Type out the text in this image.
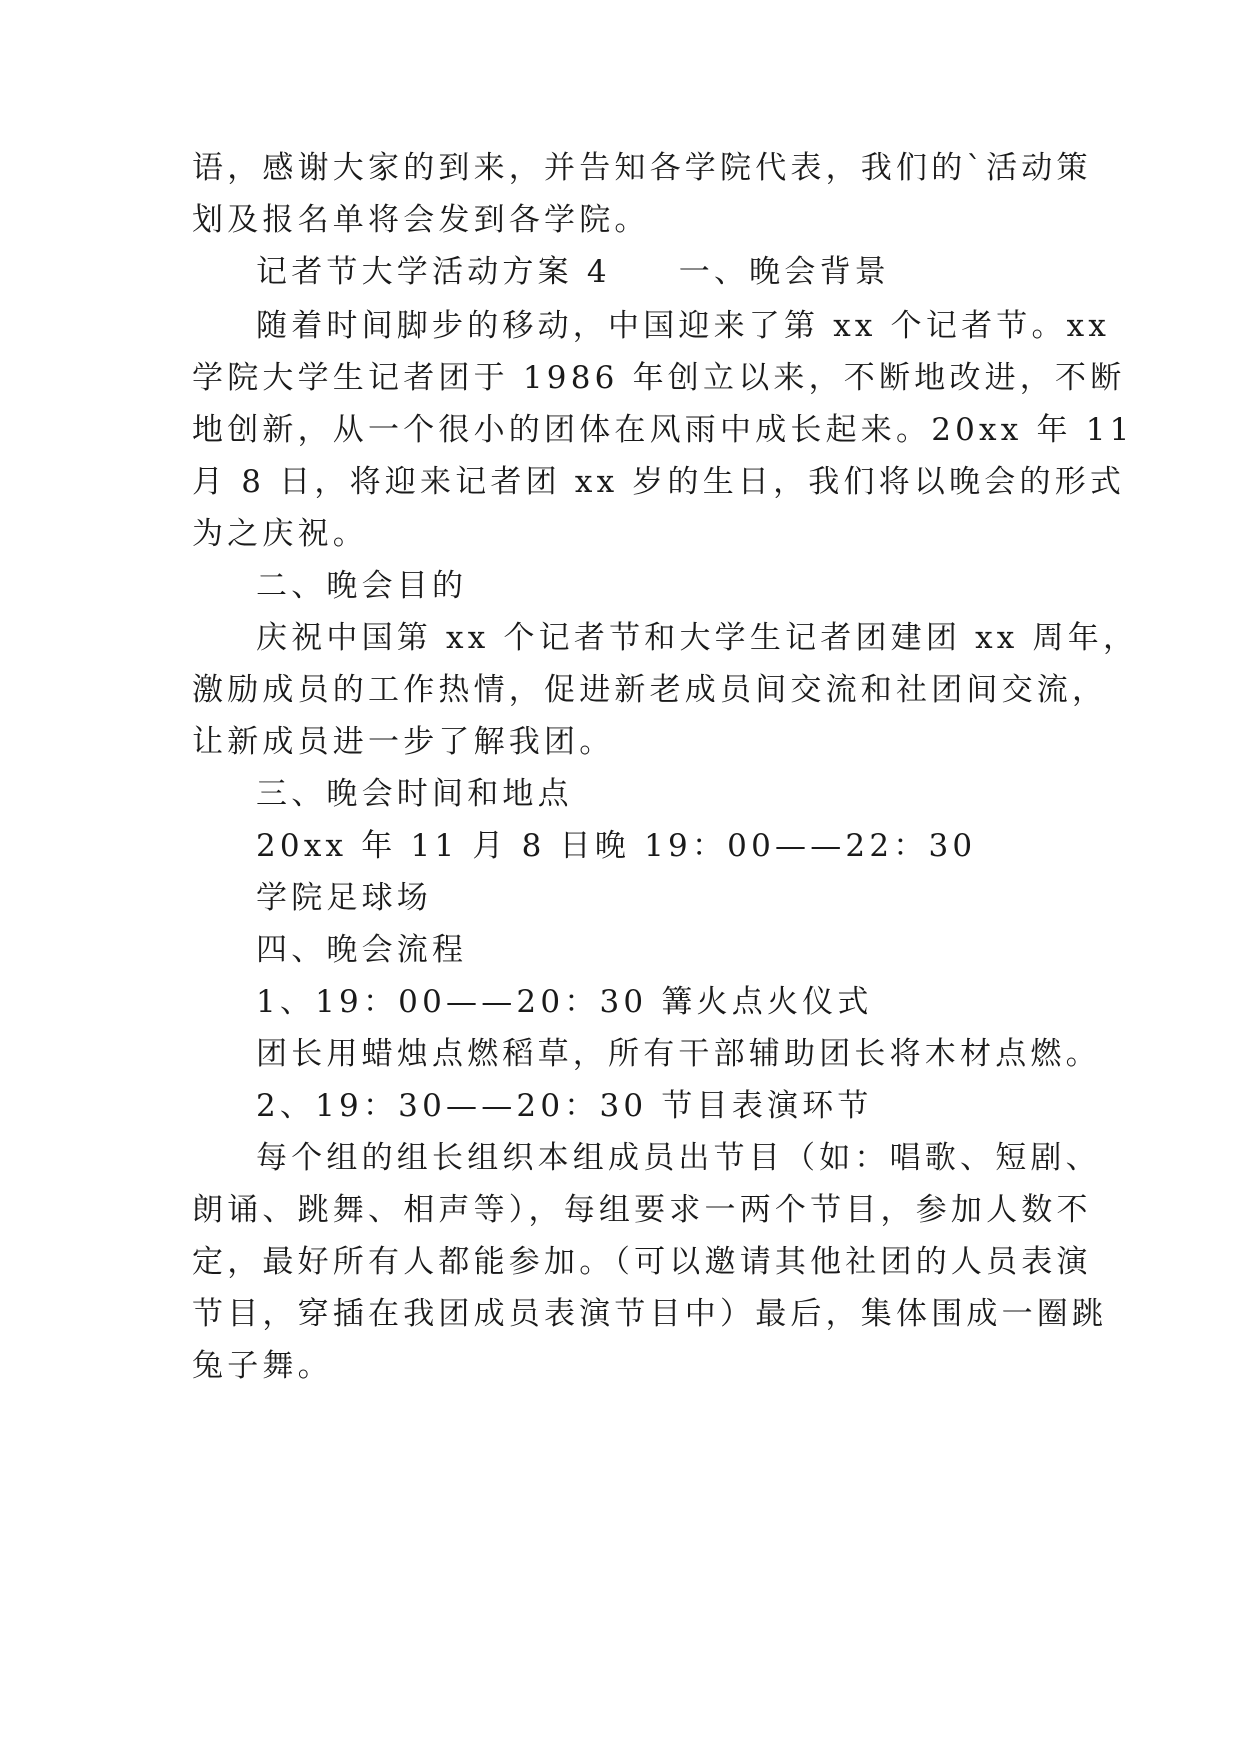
语，感谢大家的到来，并告知各学院代表，我们的`活动策
划及报名单将会发到各学院。
记者节大学活动方案 4 一、晚会背景
随着时间脚步的移动，中国迎来了第 xx 个记者节。xx
学院大学生记者团于 1986 年创立以来，不断地改进，不断
地创新，从一个很小的团体在风雨中成长起来。20xx 年 11
月 8 日，将迎来记者团 xx 岁的生日，我们将以晚会的形式
为之庆祝。
二、晚会目的
庆祝中国第 xx 个记者节和大学生记者团建团 xx 周年，
激励成员的工作热情，促进新老成员间交流和社团间交流，
让新成员进一步了解我团。
三、晚会时间和地点
20xx 年 11 月 8 日晚 19：00——22：30
学院足球场
四、晚会流程
1、19：00——20：30 篝火点火仪式
团长用蜡烛点燃稻草，所有干部辅助团长将木材点燃。
2、19：30——20：30 节目表演环节
每个组的组长组织本组成员出节目（如：唱歌、短剧、
朗诵、跳舞、相声等），每组要求一两个节目，参加人数不
定，最好所有人都能参加。（可以邀请其他社团的人员表演
节目，穿插在我团成员表演节目中）最后，集体围成一圈跳
兔子舞。
